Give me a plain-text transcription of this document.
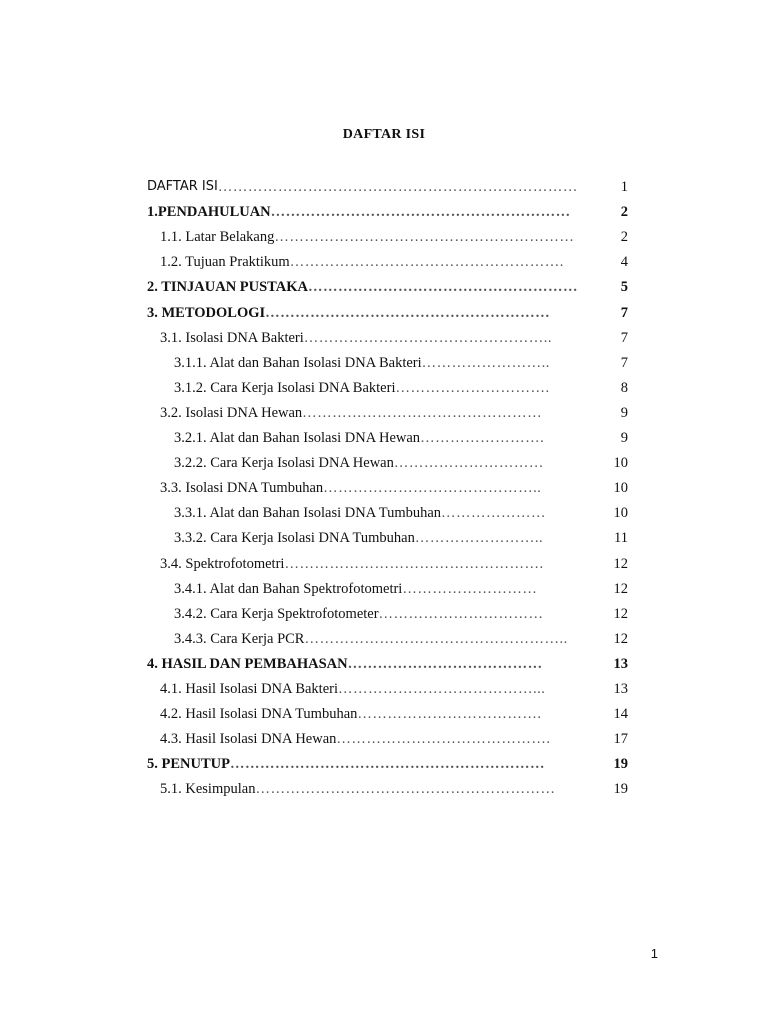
DAFTAR ISI
DAFTAR ISI ………………………………………………………………	1
1.PENDAHULUAN ……………………………………………………	2
1.1. Latar Belakang ……………………………………………………	2
1.2. Tujuan Praktikum ……………………………………………….	4
2. TINJAUAN PUSTAKA ………………………………………………	5
3. METODOLOGI …………………………………………………	7
3.1. Isolasi DNA Bakteri …………………………………………..	7
3.1.1. Alat dan Bahan Isolasi DNA Bakteri ……………………..	7
3.1.2. Cara Kerja Isolasi DNA Bakteri ………………………….	8
3.2. Isolasi DNA Hewan …………………………………………	9
3.2.1. Alat dan Bahan Isolasi DNA Hewan …………………….	9
3.2.2. Cara Kerja Isolasi DNA Hewan …………………………	10
3.3. Isolasi DNA Tumbuhan ……………………………………..	10
3.3.1. Alat dan Bahan Isolasi DNA Tumbuhan …………………	10
3.3.2. Cara Kerja Isolasi DNA Tumbuhan ……………………..	11
3.4. Spektrofotometri …………………………………………….	12
3.4.1. Alat dan Bahan Spektrofotometri ………………………	12
3.4.2. Cara Kerja Spektrofotometer ……………………………	12
3.4.3. Cara Kerja PCR ……………………………………………..	12
4. HASIL DAN PEMBAHASAN …………………………………	13
4.1. Hasil Isolasi DNA Bakteri …………………………………...	13
4.2. Hasil Isolasi DNA Tumbuhan ……………………………….	14
4.3. Hasil Isolasi DNA Hewan …………………………………….	17
5. PENUTUP ………………………………………………………	19
5.1. Kesimpulan ……………………………………………………	19
1
